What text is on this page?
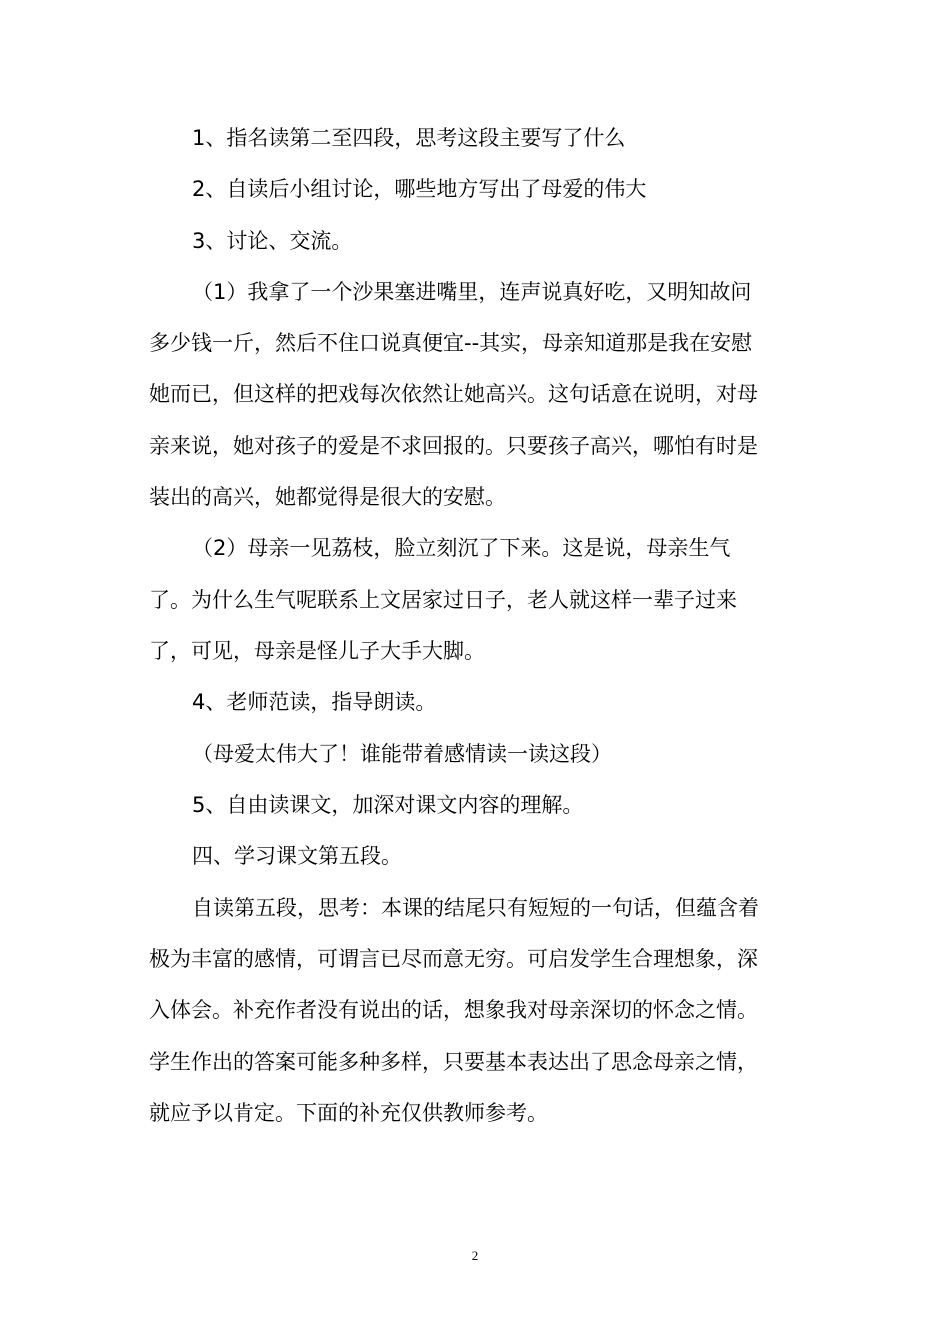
1、指名读第二至四段，思考这段主要写了什么
2、自读后小组讨论，哪些地方写出了母爱的伟大
3、讨论、交流。
（1）我拿了一个沙果塞进嘴里，连声说真好吃，又明知故问
多少钱一斤，然后不住口说真便宜--其实，母亲知道那是我在安慰
她而已，但这样的把戏每次依然让她高兴。这句话意在说明，对母
亲来说，她对孩子的爱是不求回报的。只要孩子高兴，哪怕有时是
装出的高兴，她都觉得是很大的安慰。
（2）母亲一见荔枝，脸立刻沉了下来。这是说，母亲生气
了。为什么生气呢联系上文居家过日子，老人就这样一辈子过来
了，可见，母亲是怪儿子大手大脚。
4、老师范读，指导朗读。
（母爱太伟大了！谁能带着感情读一读这段）
5、自由读课文，加深对课文内容的理解。
四、学习课文第五段。
自读第五段，思考：本课的结尾只有短短的一句话，但蕴含着
极为丰富的感情，可谓言已尽而意无穷。可启发学生合理想象，深
入体会。补充作者没有说出的话，想象我对母亲深切的怀念之情。
学生作出的答案可能多种多样，只要基本表达出了思念母亲之情，
就应予以肯定。下面的补充仅供教师参考。
2
